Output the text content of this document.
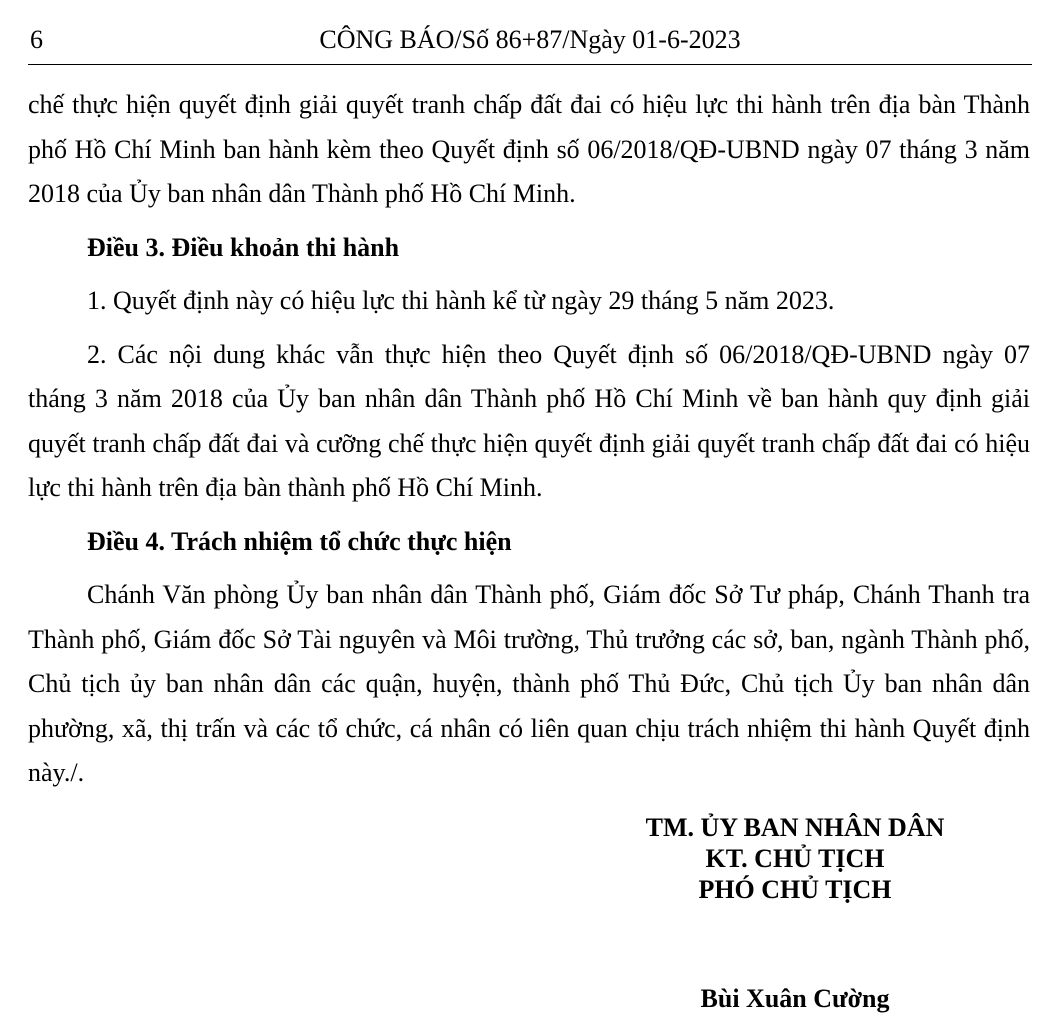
6	CÔNG BÁO/Số 86+87/Ngày 01-6-2023

chế thực hiện quyết định giải quyết tranh chấp đất đai có hiệu lực thi hành trên địa bàn Thành phố Hồ Chí Minh ban hành kèm theo Quyết định số 06/2018/QĐ-UBND ngày 07 tháng 3 năm 2018 của Ủy ban nhân dân Thành phố Hồ Chí Minh.

Điều 3. Điều khoản thi hành

1. Quyết định này có hiệu lực thi hành kể từ ngày 29 tháng 5 năm 2023.

2. Các nội dung khác vẫn thực hiện theo Quyết định số 06/2018/QĐ-UBND ngày 07 tháng 3 năm 2018 của Ủy ban nhân dân Thành phố Hồ Chí Minh về ban hành quy định giải quyết tranh chấp đất đai và cưỡng chế thực hiện quyết định giải quyết tranh chấp đất đai có hiệu lực thi hành trên địa bàn thành phố Hồ Chí Minh.

Điều 4. Trách nhiệm tổ chức thực hiện

Chánh Văn phòng Ủy ban nhân dân Thành phố, Giám đốc Sở Tư pháp, Chánh Thanh tra Thành phố, Giám đốc Sở Tài nguyên và Môi trường, Thủ trưởng các sở, ban, ngành Thành phố, Chủ tịch ủy ban nhân dân các quận, huyện, thành phố Thủ Đức, Chủ tịch Ủy ban nhân dân phường, xã, thị trấn và các tổ chức, cá nhân có liên quan chịu trách nhiệm thi hành Quyết định này./.

TM. ỦY BAN NHÂN DÂN
KT. CHỦ TỊCH
PHÓ CHỦ TỊCH
Bùi Xuân Cường
